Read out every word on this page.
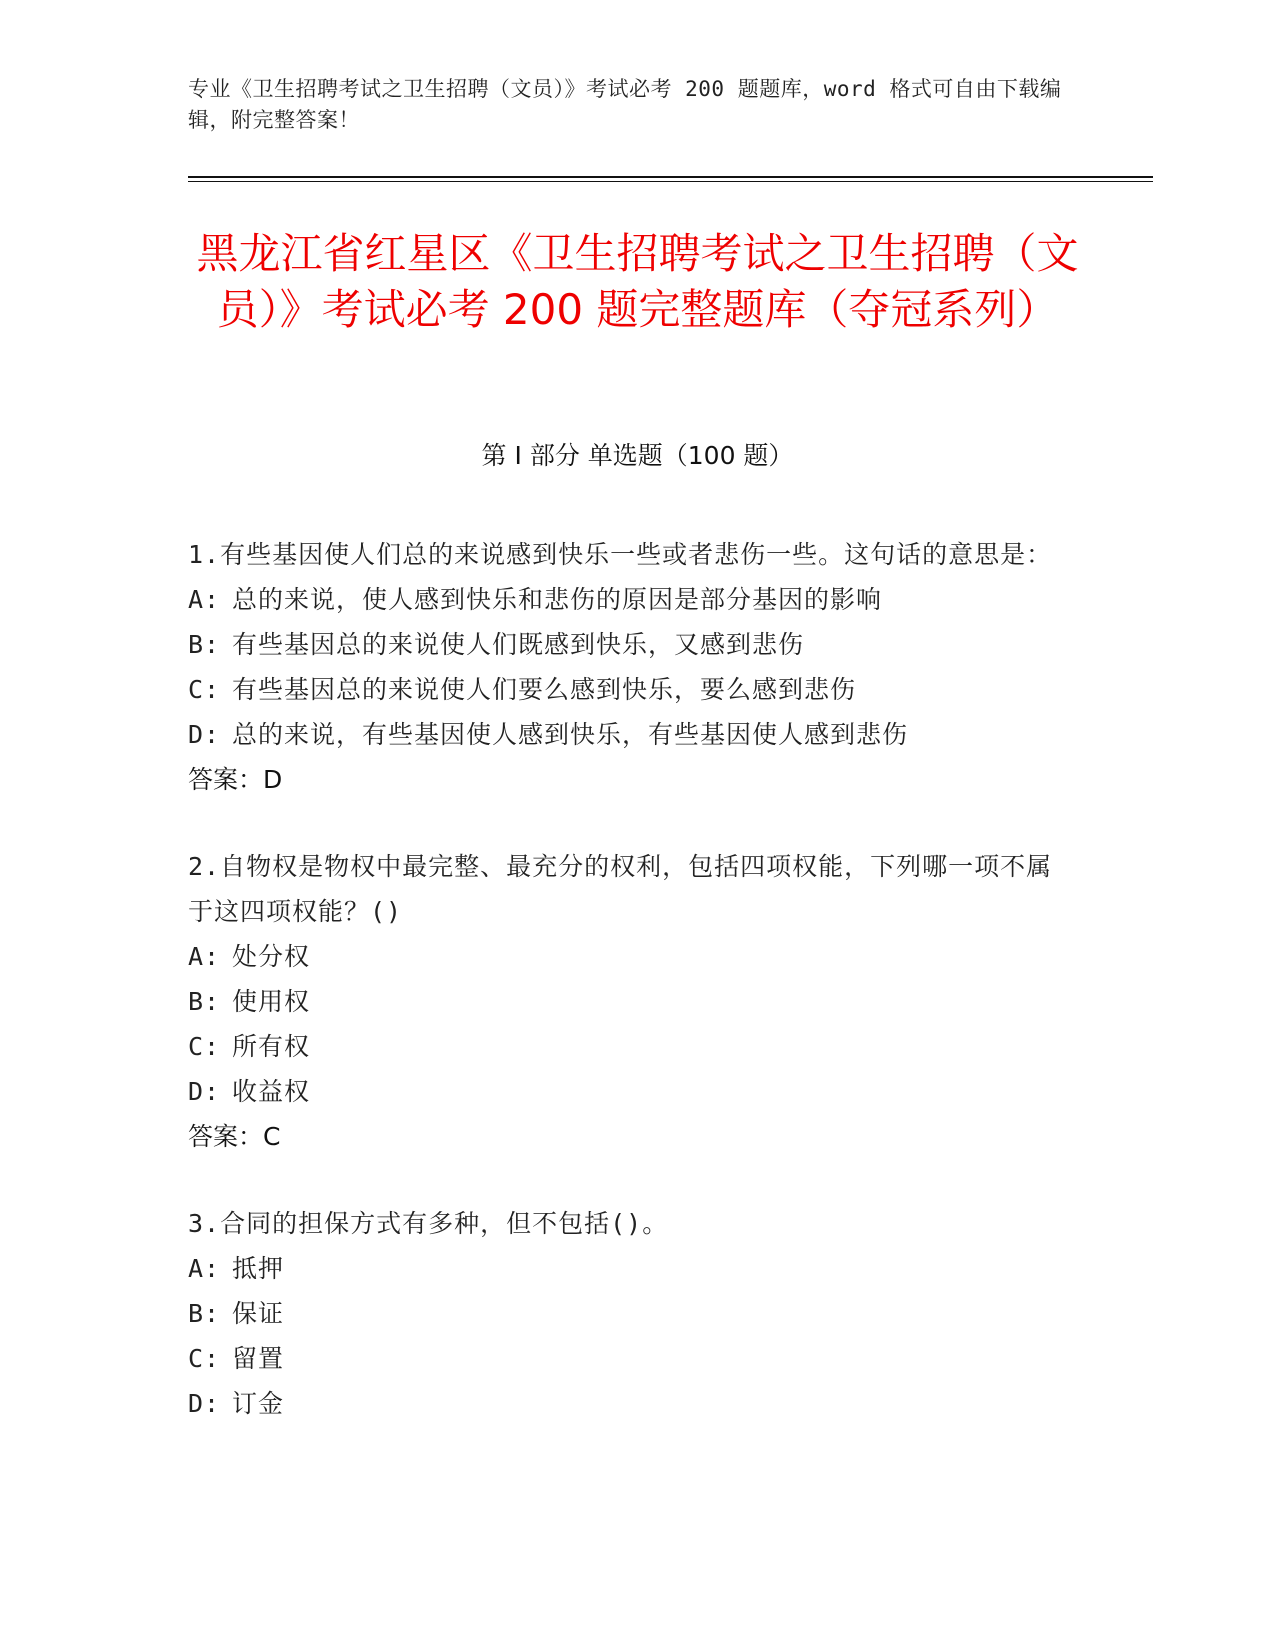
专业《卫生招聘考试之卫生招聘（文员）》考试必考 200 题题库，word 格式可自由下载编辑，附完整答案！
黑龙江省红星区《卫生招聘考试之卫生招聘（文员）》考试必考 200 题完整题库（夺冠系列）
第 I 部分 单选题（100 题）
1.有些基因使人们总的来说感到快乐一些或者悲伤一些。这句话的意思是：
A: 总的来说，使人感到快乐和悲伤的原因是部分基因的影响
B: 有些基因总的来说使人们既感到快乐，又感到悲伤
C: 有些基因总的来说使人们要么感到快乐，要么感到悲伤
D: 总的来说，有些基因使人感到快乐，有些基因使人感到悲伤
答案：D
2.自物权是物权中最完整、最充分的权利，包括四项权能，下列哪一项不属于这四项权能？()
A: 处分权
B: 使用权
C: 所有权
D: 收益权
答案：C
3.合同的担保方式有多种，但不包括()。
A: 抵押
B: 保证
C: 留置
D: 订金
